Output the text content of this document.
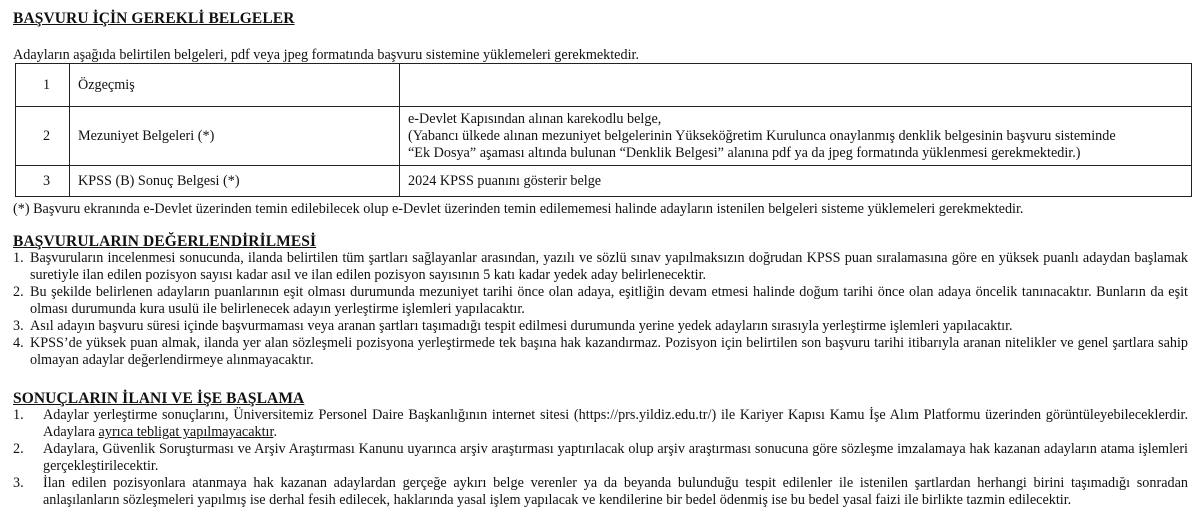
BAŞVURU İÇİN GEREKLİ BELGELER
Adayların aşağıda belirtilen belgeleri, pdf veya jpeg formatında başvuru sistemine yüklemeleri gerekmektedir.
1	Özgeçmiş	
2	Mezuniyet Belgeleri (*)	e-Devlet Kapısından alınan karekodlu belge,
(Yabancı ülkede alınan mezuniyet belgelerinin Yükseköğretim Kurulunca onaylanmış denklik belgesinin başvuru sisteminde
“Ek Dosya” aşaması altında bulunan “Denklik Belgesi” alanına pdf ya da jpeg formatında yüklenmesi gerekmektedir.)

3	KPSS (B) Sonuç Belgesi (*)	2024 KPSS puanını gösterir belge
(*) Başvuru ekranında e-Devlet üzerinden temin edilebilecek olup e-Devlet üzerinden temin edilememesi halinde adayların istenilen belgeleri sisteme yüklemeleri gerekmektedir.
BAŞVURULARIN DEĞERLENDİRİLMESİ
1. Başvuruların incelenmesi sonucunda, ilanda belirtilen tüm şartları sağlayanlar arasından, yazılı ve sözlü sınav yapılmaksızın doğrudan KPSS puan sıralamasına göre en yüksek puanlı adaydan başlamak suretiyle ilan edilen pozisyon sayısı kadar asıl ve ilan edilen pozisyon sayısının 5 katı kadar yedek aday belirlenecektir.
2. Bu şekilde belirlenen adayların puanlarının eşit olması durumunda mezuniyet tarihi önce olan adaya, eşitliğin devam etmesi halinde doğum tarihi önce olan adaya öncelik tanınacaktır. Bunların da eşit olması durumunda kura usulü ile belirlenecek adayın yerleştirme işlemleri yapılacaktır.
3. Asıl adayın başvuru süresi içinde başvurmaması veya aranan şartları taşımadığı tespit edilmesi durumunda yerine yedek adayların sırasıyla yerleştirme işlemleri yapılacaktır.
4. KPSS’de yüksek puan almak, ilanda yer alan sözleşmeli pozisyona yerleştirmede tek başına hak kazandırmaz. Pozisyon için belirtilen son başvuru tarihi itibarıyla aranan nitelikler ve genel şartlara sahip olmayan adaylar değerlendirmeye alınmayacaktır.
SONUÇLARIN İLANI VE İŞE BAŞLAMA
1. Adaylar yerleştirme sonuçlarını, Üniversitemiz Personel Daire Başkanlığının internet sitesi (https://prs.yildiz.edu.tr/) ile Kariyer Kapısı Kamu İşe Alım Platformu üzerinden görüntüleyebileceklerdir. Adaylara ayrıca tebligat yapılmayacaktır.
2. Adaylara, Güvenlik Soruşturması ve Arşiv Araştırması Kanunu uyarınca arşiv araştırması yaptırılacak olup arşiv araştırması sonucuna göre sözleşme imzalamaya hak kazanan adayların atama işlemleri gerçekleştirilecektir.
3. İlan edilen pozisyonlara atanmaya hak kazanan adaylardan gerçeğe aykırı belge verenler ya da beyanda bulunduğu tespit edilenler ile istenilen şartlardan herhangi birini taşımadığı sonradan anlaşılanların sözleşmeleri yapılmış ise derhal fesih edilecek, haklarında yasal işlem yapılacak ve kendilerine bir bedel ödenmiş ise bu bedel yasal faizi ile birlikte tazmin edilecektir.
